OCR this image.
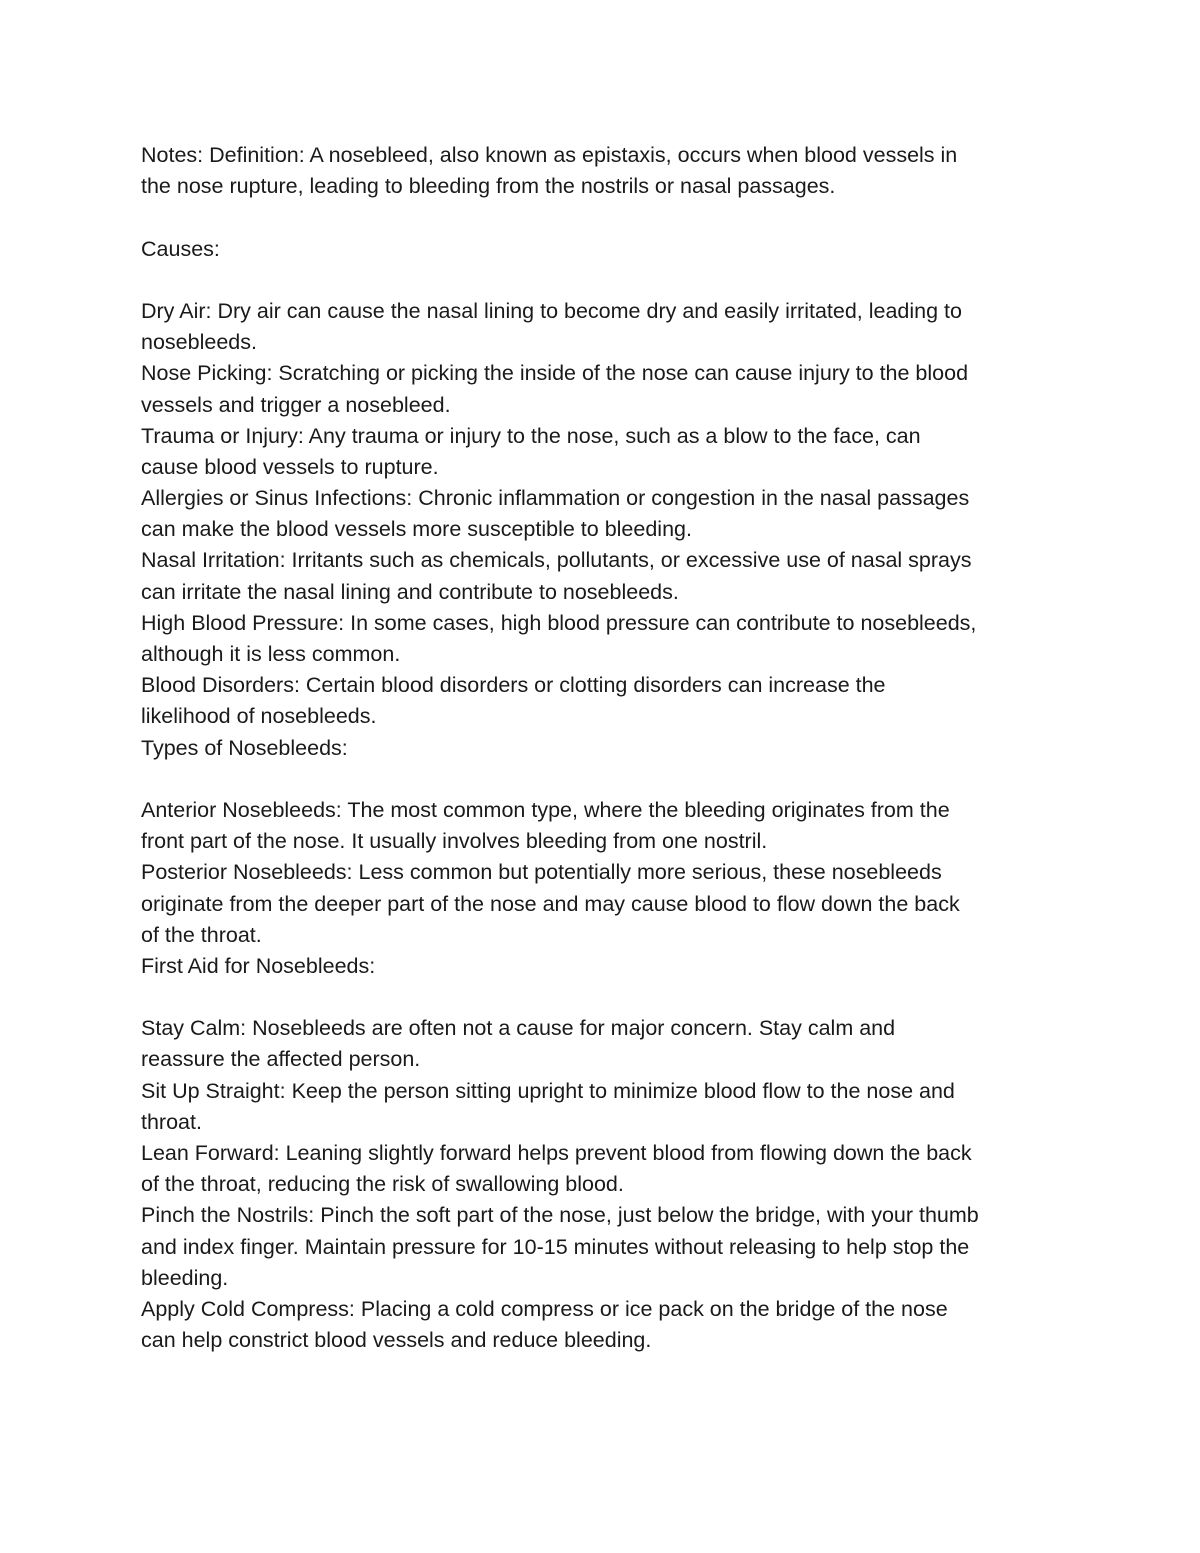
Notes: Definition: A nosebleed, also known as epistaxis, occurs when blood vessels in
the nose rupture, leading to bleeding from the nostrils or nasal passages.
Causes:
Dry Air: Dry air can cause the nasal lining to become dry and easily irritated, leading to
nosebleeds.
Nose Picking: Scratching or picking the inside of the nose can cause injury to the blood
vessels and trigger a nosebleed.
Trauma or Injury: Any trauma or injury to the nose, such as a blow to the face, can
cause blood vessels to rupture.
Allergies or Sinus Infections: Chronic inflammation or congestion in the nasal passages
can make the blood vessels more susceptible to bleeding.
Nasal Irritation: Irritants such as chemicals, pollutants, or excessive use of nasal sprays
can irritate the nasal lining and contribute to nosebleeds.
High Blood Pressure: In some cases, high blood pressure can contribute to nosebleeds,
although it is less common.
Blood Disorders: Certain blood disorders or clotting disorders can increase the
likelihood of nosebleeds.
Types of Nosebleeds:
Anterior Nosebleeds: The most common type, where the bleeding originates from the
front part of the nose. It usually involves bleeding from one nostril.
Posterior Nosebleeds: Less common but potentially more serious, these nosebleeds
originate from the deeper part of the nose and may cause blood to flow down the back
of the throat.
First Aid for Nosebleeds:
Stay Calm: Nosebleeds are often not a cause for major concern. Stay calm and
reassure the affected person.
Sit Up Straight: Keep the person sitting upright to minimize blood flow to the nose and
throat.
Lean Forward: Leaning slightly forward helps prevent blood from flowing down the back
of the throat, reducing the risk of swallowing blood.
Pinch the Nostrils: Pinch the soft part of the nose, just below the bridge, with your thumb
and index finger. Maintain pressure for 10-15 minutes without releasing to help stop the
bleeding.
Apply Cold Compress: Placing a cold compress or ice pack on the bridge of the nose
can help constrict blood vessels and reduce bleeding.
